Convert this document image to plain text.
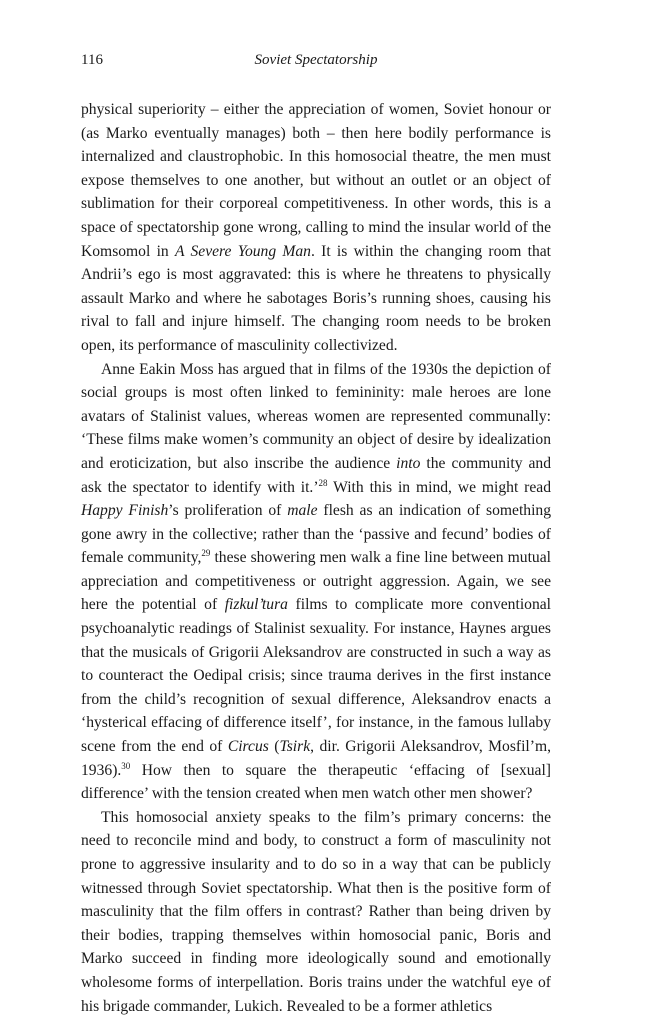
116	Soviet Spectatorship

physical superiority – either the appreciation of women, Soviet honour or (as Marko eventually manages) both – then here bodily performance is internalized and claustrophobic. In this homosocial theatre, the men must expose themselves to one another, but without an outlet or an object of sublimation for their corporeal competitiveness. In other words, this is a space of spectatorship gone wrong, calling to mind the insular world of the Komsomol in A Severe Young Man. It is within the changing room that Andrii’s ego is most aggravated: this is where he threatens to physically assault Marko and where he sabotages Boris’s running shoes, causing his rival to fall and injure himself. The changing room needs to be broken open, its performance of masculinity collectivized.

Anne Eakin Moss has argued that in films of the 1930s the depiction of social groups is most often linked to femininity: male heroes are lone avatars of Stalinist values, whereas women are represented communally: ‘These films make women’s community an object of desire by idealization and eroticization, but also inscribe the audience into the community and ask the spectator to identify with it.’$^{28}$ With this in mind, we might read Happy Finish’s proliferation of male flesh as an indication of something gone awry in the collective; rather than the ‘passive and fecund’ bodies of female community,$^{29}$ these showering men walk a fine line between mutual appreciation and competitiveness or outright aggression. Again, we see here the potential of fizkul’tura films to complicate more conventional psychoanalytic readings of Stalinist sexuality. For instance, Haynes argues that the musicals of Grigorii Aleksandrov are constructed in such a way as to counteract the Oedipal crisis; since trauma derives in the first instance from the child’s recognition of sexual difference, Aleksandrov enacts a ‘hysterical effacing of difference itself’, for instance, in the famous lullaby scene from the end of Circus (Tsirk, dir. Grigorii Aleksandrov, Mosfil’m, 1936).$^{30}$ How then to square the therapeutic ‘effacing of [sexual] difference’ with the tension created when men watch other men shower?

This homosocial anxiety speaks to the film’s primary concerns: the need to reconcile mind and body, to construct a form of masculinity not prone to aggressive insularity and to do so in a way that can be publicly witnessed through Soviet spectatorship. What then is the positive form of masculinity that the film offers in contrast? Rather than being driven by their bodies, trapping themselves within homosocial panic, Boris and Marko succeed in finding more ideologically sound and emotionally wholesome forms of interpellation. Boris trains under the watchful eye of his brigade commander, Lukich. Revealed to be a former athletics
